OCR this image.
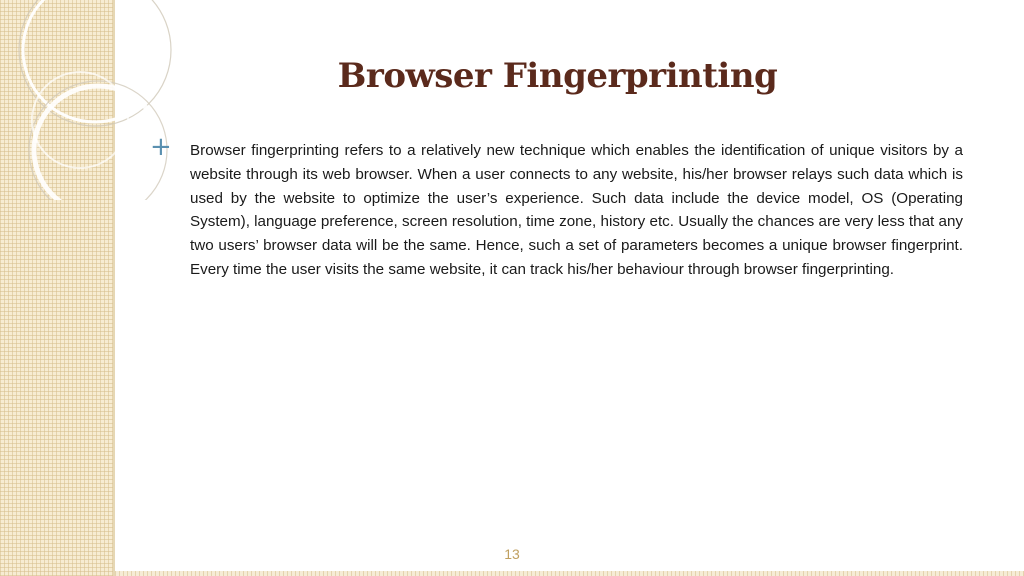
Browser Fingerprinting
+ Browser fingerprinting refers to a relatively new technique which enables the identification of unique visitors by a website through its web browser. When a user connects to any website, his/her browser relays such data which is used by the website to optimize the user’s experience. Such data include the device model, OS (Operating System), language preference, screen resolution, time zone, history etc. Usually the chances are very less that any two users’ browser data will be the same. Hence, such a set of parameters becomes a unique browser fingerprint. Every time the user visits the same website, it can track his/her behaviour through browser fingerprinting.

13
